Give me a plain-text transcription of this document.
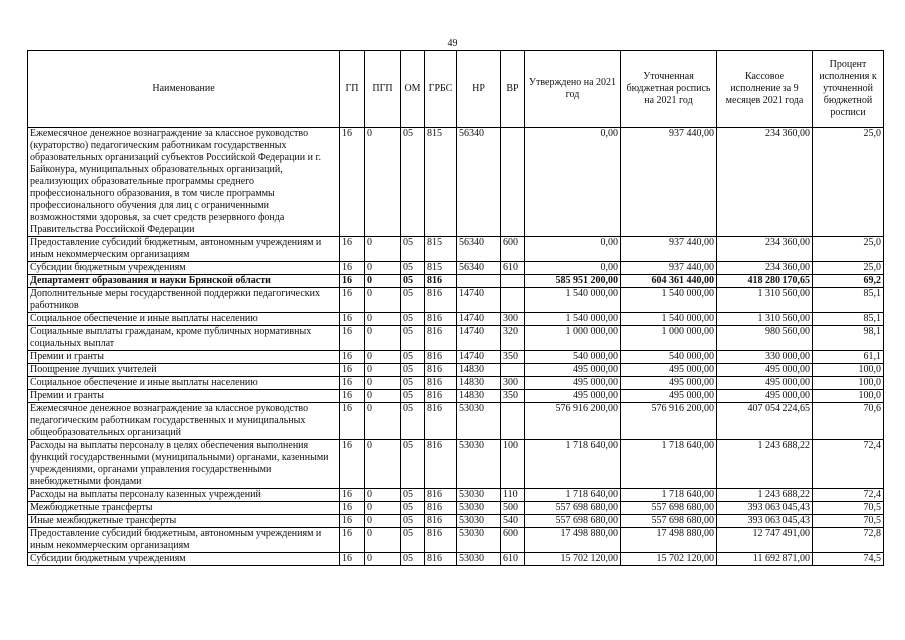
49
Наименование	ГП	ПГП	ОМ	ГРБС	НР	ВР	Утверждено на 2021 год	Уточненная бюджетная роспись на 2021 год	Кассовое исполнение за 9 месяцев 2021 года	Процент исполнения к уточненной бюджетной росписи
Ежемесячное денежное вознаграждение за классное руководство (кураторство) педагогическим работникам государственных образовательных организаций субъектов Российской Федерации и г. Байконура, муниципальных образовательных организаций, реализующих образовательные программы среднего профессионального образования, в том числе программы профессионального обучения для лиц с ограниченными возможностями здоровья, за счет средств резервного фонда Правительства Российской Федерации	16	0	05	815	56340		0,00	937 440,00	234 360,00	25,0
Предоставление субсидий бюджетным, автономным учреждениям и иным некоммерческим организациям	16	0	05	815	56340	600	0,00	937 440,00	234 360,00	25,0
Субсидии бюджетным учреждениям	16	0	05	815	56340	610	0,00	937 440,00	234 360,00	25,0
Департамент образования и науки Брянской области	16	0	05	816			585 951 200,00	604 361 440,00	418 280 170,65	69,2
Дополнительные меры государственной поддержки педагогических работников	16	0	05	816	14740		1 540 000,00	1 540 000,00	1 310 560,00	85,1
Социальное обеспечение и иные выплаты населению	16	0	05	816	14740	300	1 540 000,00	1 540 000,00	1 310 560,00	85,1
Социальные выплаты гражданам, кроме публичных нормативных социальных выплат	16	0	05	816	14740	320	1 000 000,00	1 000 000,00	980 560,00	98,1
Премии и гранты	16	0	05	816	14740	350	540 000,00	540 000,00	330 000,00	61,1
Поощрение лучших учителей	16	0	05	816	14830		495 000,00	495 000,00	495 000,00	100,0
Социальное обеспечение и иные выплаты населению	16	0	05	816	14830	300	495 000,00	495 000,00	495 000,00	100,0
Премии и гранты	16	0	05	816	14830	350	495 000,00	495 000,00	495 000,00	100,0
Ежемесячное денежное вознаграждение за классное руководство педагогическим работникам государственных и муниципальных общеобразовательных организаций	16	0	05	816	53030		576 916 200,00	576 916 200,00	407 054 224,65	70,6
Расходы на выплаты персоналу в целях обеспечения выполнения функций государственными (муниципальными) органами, казенными учреждениями, органами управления государственными внебюджетными фондами	16	0	05	816	53030	100	1 718 640,00	1 718 640,00	1 243 688,22	72,4
Расходы на выплаты персоналу казенных учреждений	16	0	05	816	53030	110	1 718 640,00	1 718 640,00	1 243 688,22	72,4
Межбюджетные трансферты	16	0	05	816	53030	500	557 698 680,00	557 698 680,00	393 063 045,43	70,5
Иные межбюджетные трансферты	16	0	05	816	53030	540	557 698 680,00	557 698 680,00	393 063 045,43	70,5
Предоставление субсидий бюджетным, автономным учреждениям и иным некоммерческим организациям	16	0	05	816	53030	600	17 498 880,00	17 498 880,00	12 747 491,00	72,8
Субсидии бюджетным учреждениям	16	0	05	816	53030	610	15 702 120,00	15 702 120,00	11 692 871,00	74,5
